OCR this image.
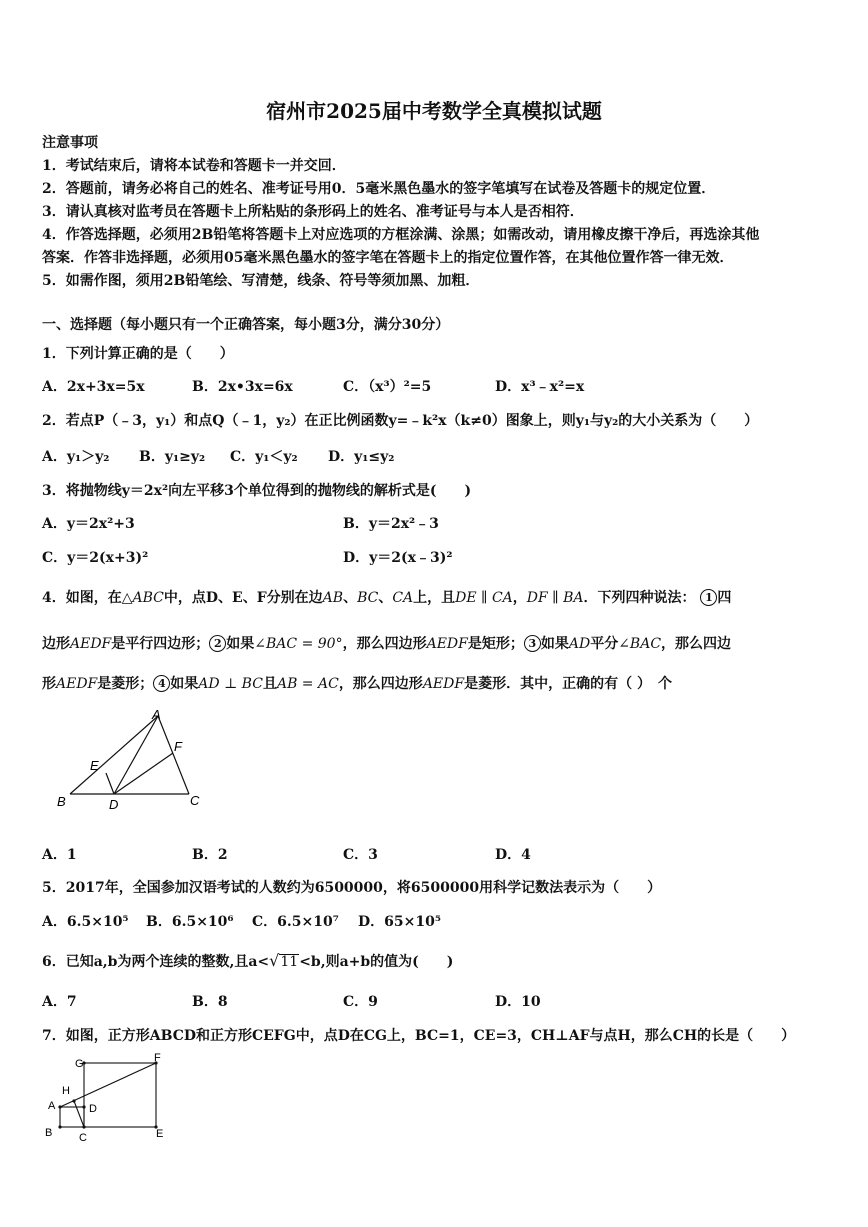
宿州市2025届中考数学全真模拟试题
注意事项
1．考试结束后，请将本试卷和答题卡一并交回．
2．答题前，请务必将自己的姓名、准考证号用0．5毫米黑色墨水的签字笔填写在试卷及答题卡的规定位置．
3．请认真核对监考员在答题卡上所粘贴的条形码上的姓名、准考证号与本人是否相符．
4．作答选择题，必须用2B铅笔将答题卡上对应选项的方框涂满、涂黑；如需改动，请用橡皮擦干净后，再选涂其他
答案．作答非选择题，必须用05毫米黑色墨水的签字笔在答题卡上的指定位置作答，在其他位置作答一律无效．
5．如需作图，须用2B铅笔绘、写清楚，线条、符号等须加黑、加粗．
一、选择题（每小题只有一个正确答案，每小题3分，满分30分）
1．下列计算正确的是（　　）
A．2x+3x=5x	B．2x•3x=6x	C．（x³）²=5	D．x³﹣x²=x
2．若点P（﹣3，y₁）和点Q（﹣1，y₂）在正比例函数y=﹣k²x（k≠0）图象上，则y₁与y₂的大小关系为（　　）
A．y₁＞y₂ B．y₁≥y₂ C．y₁＜y₂ D．y₁≤y₂
3．将抛物线y＝2x²向左平移3个单位得到的抛物线的解析式是(　　)
A．y＝2x²+3	B．y＝2x²﹣3
C．y＝2(x+3)²	D．y＝2(x﹣3)²
4．如图，在△ABC中，点D、E、F分别在边AB、BC、CA上，且DE ∥ CA，DF ∥ BA．下列四种说法： 1 四
边形AEDF是平行四边形； 2 如果∠BAC = 90°，那么四边形AEDF是矩形； 3 如果AD平分∠BAC，那么四边
形AEDF是菱形； 4 如果AD ⊥ BC且AB = AC，那么四边形AEDF是菱形．其中，正确的有（ ）　个
A
F
E
B	D	C
A．1	B．2	C．3	D．4
5．2017年，全国参加汉语考试的人数约为6500000，将6500000用科学记数法表示为（　　）
A．6.5×10⁵ B．6.5×10⁶ C．6.5×10⁷ D．65×10⁵
6．已知a,b为两个连续的整数,且a<√11<b,则a+b的值为(　　)
A．7	B．8	C．9	D．10
7．如图，正方形ABCD和正方形CEFG中，点D在CG上，BC=1，CE=3，CH⊥AF与点H，那么CH的长是（　　）
G	F
H
A	D
B C	E
